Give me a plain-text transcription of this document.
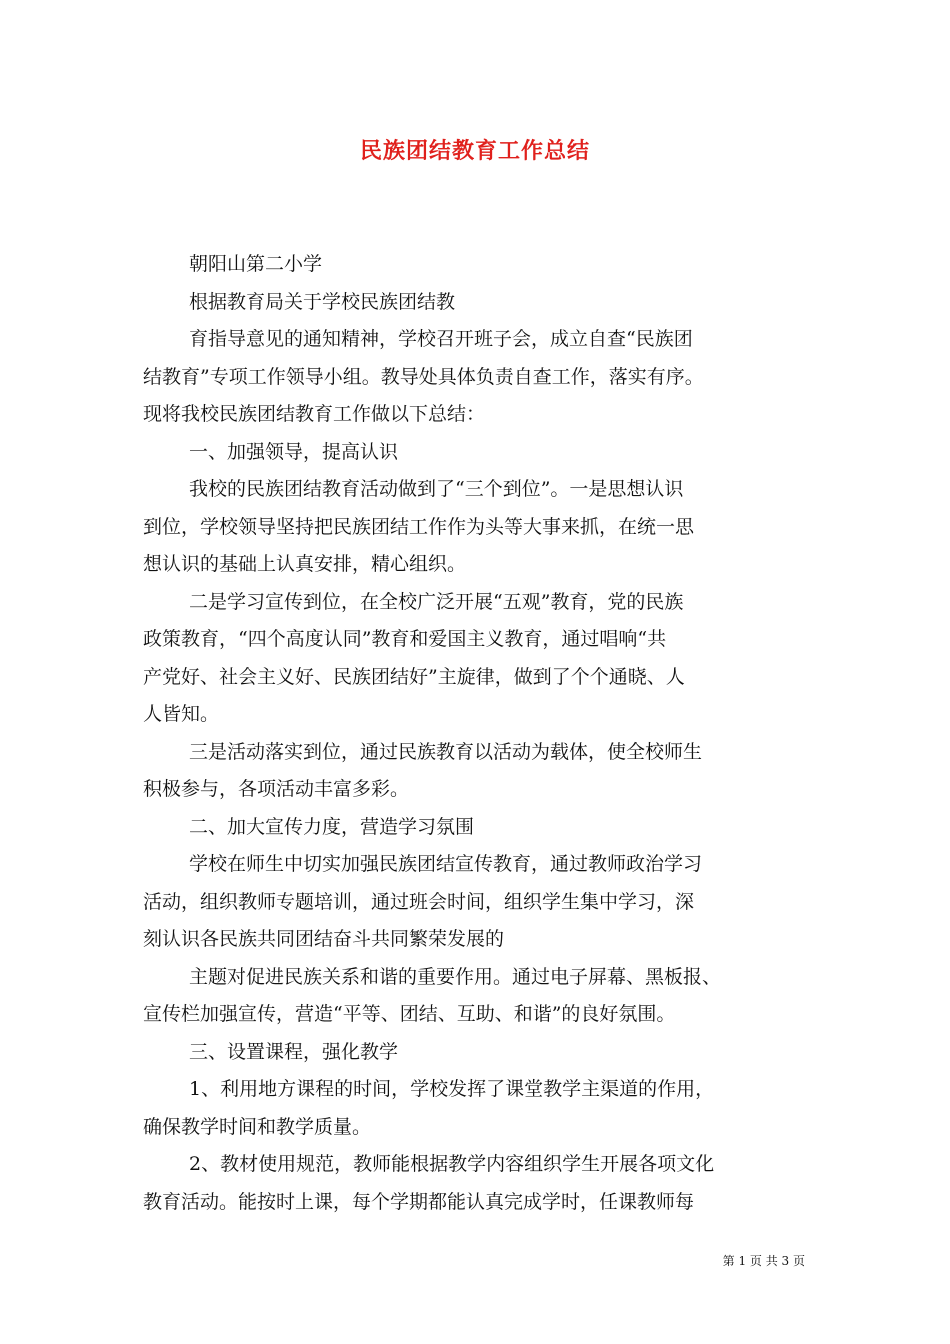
民族团结教育工作总结
朝阳山第二小学
根据教育局关于学校民族团结教
育指导意见的通知精神，学校召开班子会，成立自查“民族团
结教育”专项工作领导小组。教导处具体负责自查工作，落实有序。
现将我校民族团结教育工作做以下总结：
一、加强领导，提高认识
我校的民族团结教育活动做到了“三个到位”。一是思想认识
到位，学校领导坚持把民族团结工作作为头等大事来抓，在统一思
想认识的基础上认真安排，精心组织。
二是学习宣传到位，在全校广泛开展“五观”教育，党的民族
政策教育，“四个高度认同”教育和爱国主义教育，通过唱响“共
产党好、社会主义好、民族团结好”主旋律，做到了个个通晓、人
人皆知。
三是活动落实到位，通过民族教育以活动为载体，使全校师生
积极参与，各项活动丰富多彩。
二、加大宣传力度，营造学习氛围
学校在师生中切实加强民族团结宣传教育，通过教师政治学习
活动，组织教师专题培训，通过班会时间，组织学生集中学习，深
刻认识各民族共同团结奋斗共同繁荣发展的
主题对促进民族关系和谐的重要作用。通过电子屏幕、黑板报、
宣传栏加强宣传，营造“平等、团结、互助、和谐”的良好氛围。
三、设置课程，强化教学
1、利用地方课程的时间，学校发挥了课堂教学主渠道的作用，
确保教学时间和教学质量。
2、教材使用规范，教师能根据教学内容组织学生开展各项文化
教育活动。能按时上课，每个学期都能认真完成学时，任课教师每
第 1 页 共 3 页
